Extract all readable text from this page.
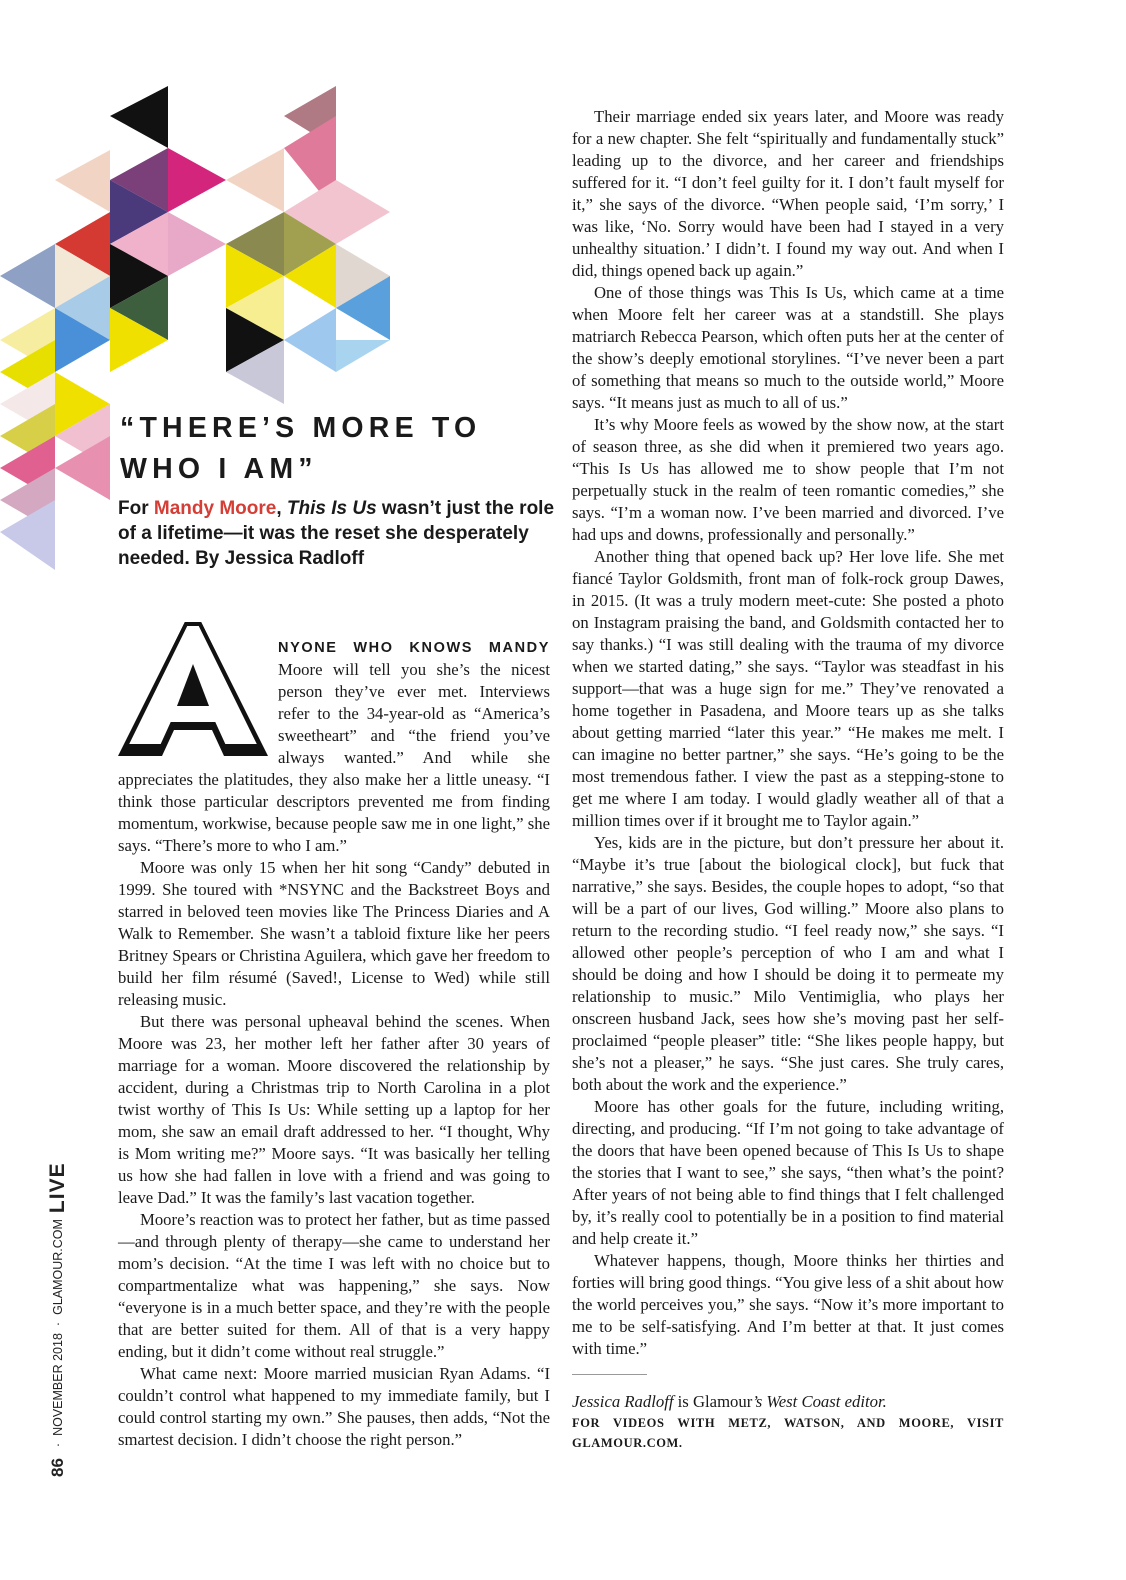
“THERE’S MORE TO
WHO I AM”

For Mandy Moore, This Is Us wasn’t just the role of a lifetime—it was the reset she desperately needed. By Jessica Radloff

A
NYONE WHO KNOWS MANDY Moore will tell you she’s the nicest person they’ve ever met. Interviews refer to the 34-year-old as “America’s sweetheart” and “the friend you’ve always wanted.” And while she appreciates the platitudes, they also make her a little uneasy. “I think those particular descriptors prevented me from finding momentum, workwise, because people saw me in one light,” she says. “There’s more to who I am.”

Moore was only 15 when her hit song “Candy” debuted in 1999. She toured with *NSYNC and the Backstreet Boys and starred in beloved teen movies like The Princess Diaries and A Walk to Remember. She wasn’t a tabloid fixture like her peers Britney Spears or Christina Aguilera, which gave her freedom to build her film résumé (Saved!, License to Wed) while still releasing music.

But there was personal upheaval behind the scenes. When Moore was 23, her mother left her father after 30 years of marriage for a woman. Moore discovered the relationship by accident, during a Christmas trip to North Carolina in a plot twist worthy of This Is Us: While setting up a laptop for her mom, she saw an email draft addressed to her. “I thought, Why is Mom writing me?” Moore says. “It was basically her telling us how she had fallen in love with a friend and was going to leave Dad.” It was the family’s last vacation together.

Moore’s reaction was to protect her father, but as time passed—and through plenty of therapy—she came to understand her mom’s decision. “At the time I was left with no choice but to compartmentalize what was happening,” she says. Now “everyone is in a much better space, and they’re with the people that are better suited for them. All of that is a very happy ending, but it didn’t come without real struggle.”

What came next: Moore married musician Ryan Adams. “I couldn’t control what happened to my immediate family, but I could control starting my own.” She pauses, then adds, “Not the smartest decision. I didn’t choose the right person.”

Their marriage ended six years later, and Moore was ready for a new chapter. She felt “spiritually and fundamentally stuck” leading up to the divorce, and her career and friendships suffered for it. “I don’t feel guilty for it. I don’t fault myself for it,” she says of the divorce. “When people said, ‘I’m sorry,’ I was like, ‘No. Sorry would have been had I stayed in a very unhealthy situation.’ I didn’t. I found my way out. And when I did, things opened back up again.”

One of those things was This Is Us, which came at a time when Moore felt her career was at a standstill. She plays matriarch Rebecca Pearson, which often puts her at the center of the show’s deeply emotional storylines. “I’ve never been a part of something that means so much to the outside world,” Moore says. “It means just as much to all of us.”

It’s why Moore feels as wowed by the show now, at the start of season three, as she did when it premiered two years ago. “This Is Us has allowed me to show people that I’m not perpetually stuck in the realm of teen romantic comedies,” she says. “I’m a woman now. I’ve been married and divorced. I’ve had ups and downs, professionally and personally.”

Another thing that opened back up? Her love life. She met fiancé Taylor Goldsmith, front man of folk-rock group Dawes, in 2015. (It was a truly modern meet-cute: She posted a photo on Instagram praising the band, and Goldsmith contacted her to say thanks.) “I was still dealing with the trauma of my divorce when we started dating,” she says. “Taylor was steadfast in his support—that was a huge sign for me.” They’ve renovated a home together in Pasadena, and Moore tears up as she talks about getting married “later this year.” “He makes me melt. I can imagine no better partner,” she says. “He’s going to be the most tremendous father. I view the past as a stepping-stone to get me where I am today. I would gladly weather all of that a million times over if it brought me to Taylor again.”

Yes, kids are in the picture, but don’t pressure her about it. “Maybe it’s true [about the biological clock], but fuck that narrative,” she says. Besides, the couple hopes to adopt, “so that will be a part of our lives, God willing.” Moore also plans to return to the recording studio. “I feel ready now,” she says. “I allowed other people’s perception of who I am and what I should be doing and how I should be doing it to permeate my relationship to music.” Milo Ventimiglia, who plays her onscreen husband Jack, sees how she’s moving past her self-proclaimed “people pleaser” title: “She likes people happy, but she’s not a pleaser,” he says. “She just cares. She truly cares, both about the work and the experience.”

Moore has other goals for the future, including writing, directing, and producing. “If I’m not going to take advantage of the doors that have been opened because of This Is Us to shape the stories that I want to see,” she says, “then what’s the point? After years of not being able to find things that I felt challenged by, it’s really cool to potentially be in a position to find material and help create it.”

Whatever happens, though, Moore thinks her thirties and forties will bring good things. “You give less of a shit about how the world perceives you,” she says. “Now it’s more important to me to be self-satisfying. And I’m better at that. It just comes with time.”

Jessica Radloff is Glamour’s West Coast editor.

FOR VIDEOS WITH METZ, WATSON, AND MOORE, VISIT GLAMOUR.COM.

86
·
NOVEMBER 2018
·
GLAMOUR.COM
LIVE
